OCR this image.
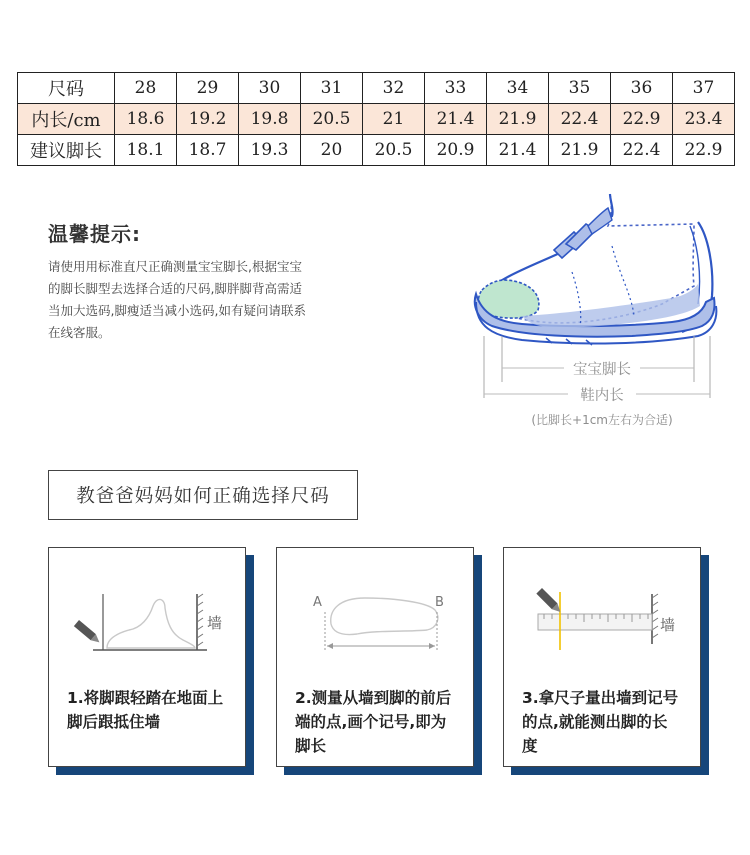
尺码	28	29	30	31	32	33	34	35	36	37
内长/cm	18.6	19.2	19.8	20.5	21	21.4	21.9	22.4	22.9	23.4
建议脚长	18.1	18.7	19.3	20	20.5	20.9	21.4	21.9	22.4	22.9
温馨提示:
请使用用标准直尺正确测量宝宝脚长,根据宝宝
的脚长脚型去选择合适的尺码,脚胖脚背高需适
当加大选码,脚瘦适当减小选码,如有疑问请联系
在线客服。
宝宝脚长
鞋内长
(比脚长+1cm左右为合适)
教爸爸妈妈如何正确选择尺码
墙
1.将脚跟轻踏在地面上
脚后跟抵住墙
A	B
2.测量从墙到脚的前后
端的点,画个记号,即为
脚长
墙
3.拿尺子量出墙到记号
的点,就能测出脚的长
度
